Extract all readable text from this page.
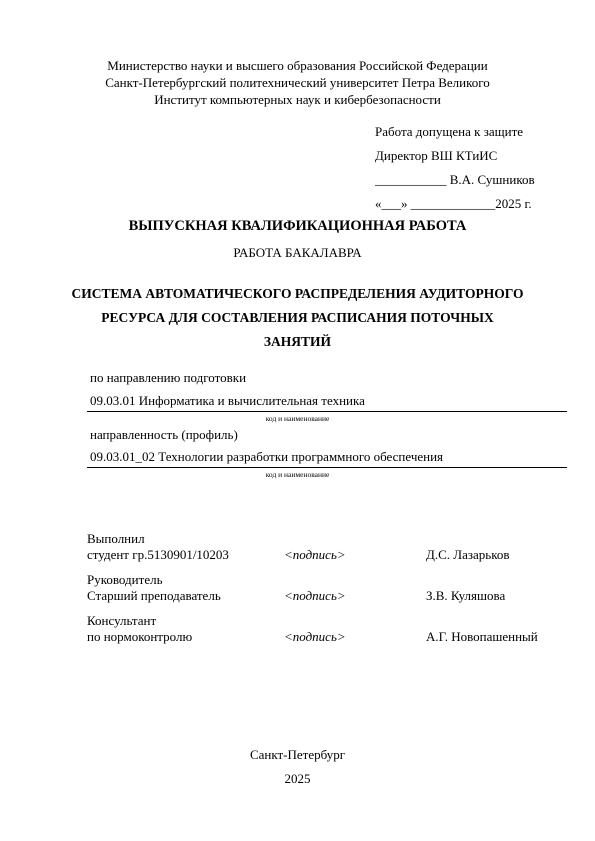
Министерство науки и высшего образования Российской Федерации
Санкт-Петербургский политехнический университет Петра Великого
Институт компьютерных наук и кибербезопасности
Работа допущена к защите
Директор ВШ КТиИС
___________ В.А. Сушников
«___» _____________2025 г.
ВЫПУСКНАЯ КВАЛИФИКАЦИОННАЯ РАБОТА
РАБОТА БАКАЛАВРА
СИСТЕМА АВТОМАТИЧЕСКОГО РАСПРЕДЕЛЕНИЯ АУДИТОРНОГО
РЕСУРСА ДЛЯ СОСТАВЛЕНИЯ РАСПИСАНИЯ ПОТОЧНЫХ
ЗАНЯТИЙ
по направлению подготовки
09.03.01 Информатика и вычислительная техника
код и наименование
направленность (профиль)
09.03.01_02 Технологии разработки программного обеспечения
код и наименование
Выполнил
студент гр.5130901/10203	<подпись>	Д.С. Лазарьков
Руководитель
Старший преподаватель	<подпись>	З.В. Куляшова
Консультант
по нормоконтролю	<подпись>	А.Г. Новопашенный
Санкт-Петербург
2025
